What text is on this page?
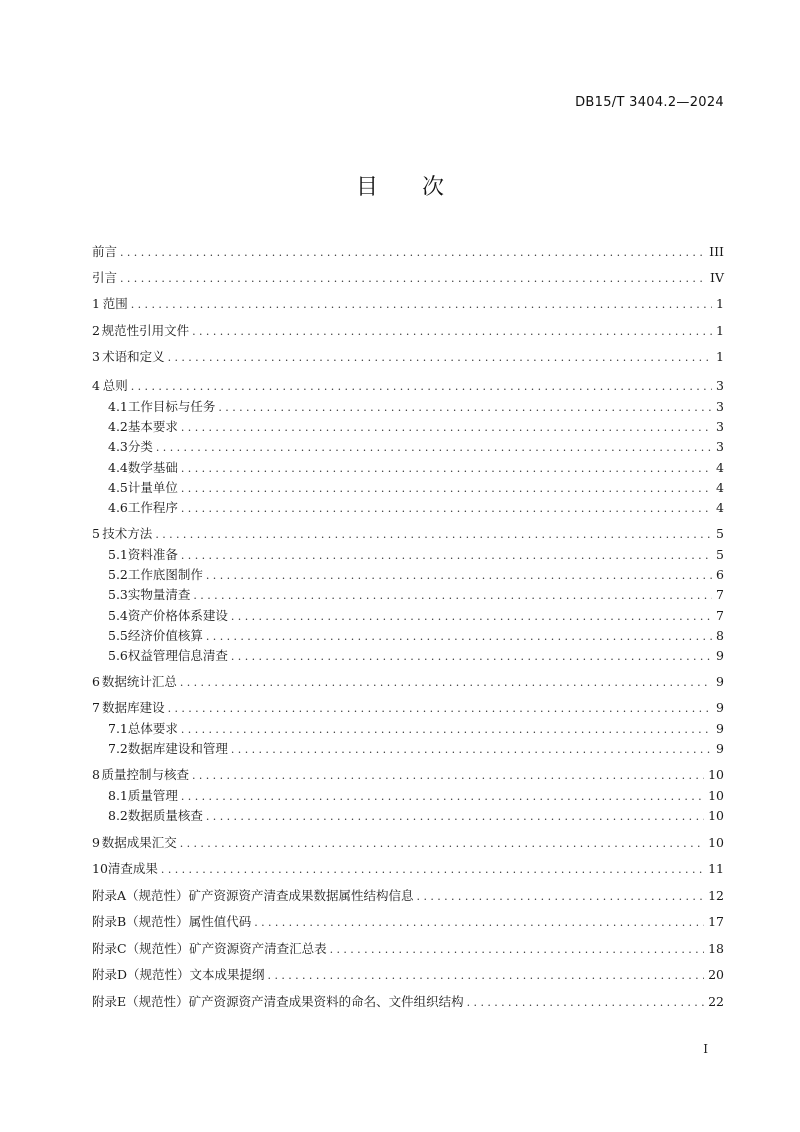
DB15/T 3404.2—2024
目 次
前言 .....	III
引言 .....	IV
1 范围 .....	1
2 规范性引用文件 .....	1
3 术语和定义 .....	1
4 总则 .....	3
4.1 工作目标与任务 .....	3
4.2 基本要求 .....	3
4.3 分类 .....	3
4.4 数学基础 .....	4
4.5 计量单位 .....	4
4.6 工作程序 .....	4
5 技术方法 .....	5
5.1 资料准备 .....	5
5.2 工作底图制作 .....	6
5.3 实物量清查 .....	7
5.4 资产价格体系建设 .....	7
5.5 经济价值核算 .....	8
5.6 权益管理信息清查 .....	9
6 数据统计汇总 .....	9
7 数据库建设 .....	9
7.1 总体要求 .....	9
7.2 数据库建设和管理 .....	9
8 质量控制与核查 .....	10
8.1 质量管理 .....	10
8.2 数据质量核查 .....	10
9 数据成果汇交 .....	10
10 清查成果 .....	11
附录A（规范性） 矿产资源资产清查成果数据属性结构信息 .....	12
附录B（规范性） 属性值代码 .....	17
附录C（规范性） 矿产资源资产清查汇总表 .....	18
附录D（规范性） 文本成果提纲 .....	20
附录E（规范性） 矿产资源资产清查成果资料的命名、文件组织结构 .....	22
I
